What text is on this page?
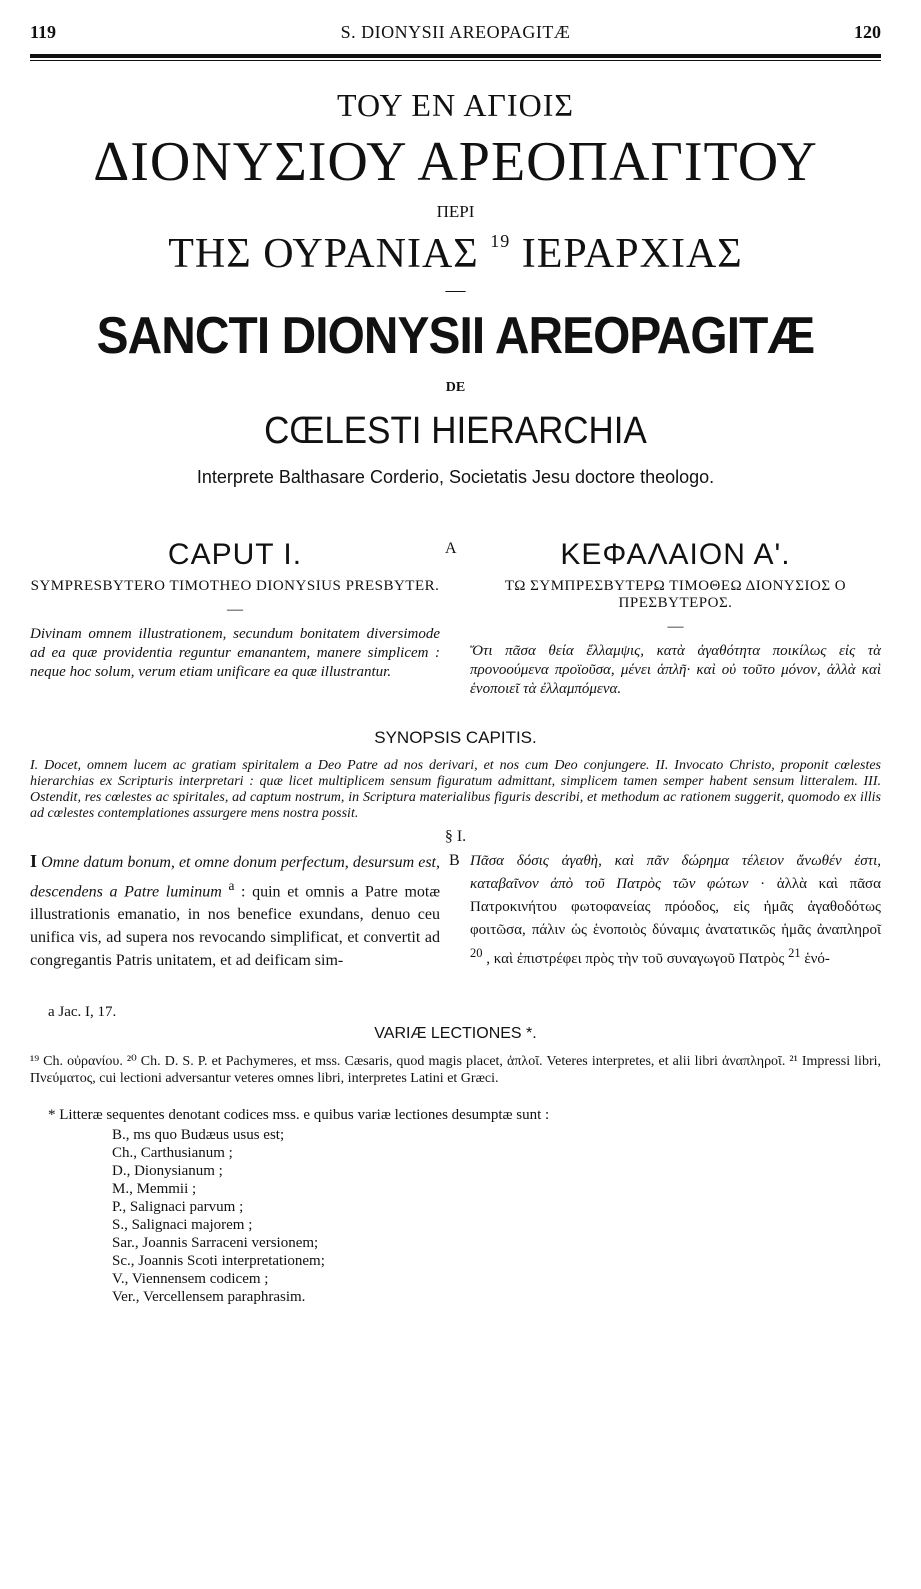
119	S. DIONYSII AREOPAGITÆ	120
ΤΟΥ ΕΝ ΑΓΙΟΙΣ
ΔΙΟΝΥΣΙΟΥ ΑΡΕΟΠΑΓΙΤΟΥ
ΠΕΡΙ
ΤΗΣ ΟΥΡΑΝΙΑΣ $^{19}$ ΙΕΡΑΡΧΙΑΣ
—
SANCTI DIONYSII AREOPAGITÆ
DE
CŒLESTI HIERARCHIA
Interprete Balthasare Corderio, Societatis Jesu doctore theologo.
CAPUT I.
SYMPRESBYTERO TIMOTHEO DIONYSIUS PRESBYTER.
—
Divinam omnem illustrationem, secundum bonitatem diversimode ad ea quæ providentia reguntur emanantem, manere simplicem : neque hoc solum, verum etiam unificare ea quæ illustrantur.
A	ΚΕΦΑΛΑΙΟΝ Α'.
ΤΩ ΣΥΜΠΡΕΣΒΥΤΕΡΩ ΤΙΜΟΘΕΩ ΔΙΟΝΥΣΙΟΣ Ο ΠΡΕΣΒΥΤΕΡΟΣ.
—
Ὅτι πᾶσα θεία ἔλλαμψις, κατὰ ἀγαθότητα ποικίλως εἰς τὰ προνοούμενα προϊοῦσα, μένει ἁπλῆ· καὶ οὐ τοῦτο μόνον, ἀλλὰ καὶ ἑνοποιεῖ τὰ ἐλλαμπόμενα.
SYNOPSIS CAPITIS.
I. Docet, omnem lucem ac gratiam spiritalem a Deo Patre ad nos derivari, et nos cum Deo conjungere. II. Invocato Christo, proponit cœlestes hierarchias ex Scripturis interpretari : quæ licet multiplicem sensum figuratum admittant, simplicem tamen semper habent sensum litteralem. III. Ostendit, res cœlestes ac spiritales, ad captum nostrum, in Scriptura materialibus figuris describi, et methodum ac rationem suggerit, quomodo ex illis ad cœlestes contemplationes assurgere mens nostra possit.
§ I.
I Omne datum bonum, et omne donum perfectum, desursum est, descendens a Patre luminum $^a$ : quin et omnis a Patre motæ illustrationis emanatio, in nos benefice exundans, denuo ceu unifica vis, ad supera nos revocando simplificat, et convertit ad congregantis Patris unitatem, et ad deificam sim-
B Πᾶσα δόσις ἀγαθὴ, καὶ πᾶν δώρημα τέλειον ἄνωθέν ἐστι, καταβαῖνον ἀπὸ τοῦ Πατρὸς τῶν φώτων · ἀλλὰ καὶ πᾶσα Πατροκινήτου φωτοφανείας πρόοδος, εἰς ἡμᾶς ἀγαθοδότως φοιτῶσα, πάλιν ὡς ἑνοποιὸς δύναμις ἀνατατικῶς ἡμᾶς ἀναπληροῖ $^{20}$ , καὶ ἐπιστρέφει πρὸς τὴν τοῦ συναγωγοῦ Πατρὸς $^{21}$ ἑνό-
a Jac. I, 17.
VARIÆ LECTIONES *.
¹⁹ Ch. οὐρανίου. ²⁰ Ch. D. S. P. et Pachymeres, et mss. Cæsaris, quod magis placet, ἁπλοῖ. Veteres interpretes, et alii libri ἀναπληροῖ. ²¹ Impressi libri, Πνεύματος, cui lectioni adversantur veteres omnes libri, interpretes Latini et Græci.
* Litteræ sequentes denotant codices mss. e quibus variæ lectiones desumptæ sunt :
B., ms quo Budæus usus est;
Ch., Carthusianum ;
D., Dionysianum ;
M., Memmii ;
P., Salignaci parvum ;
S., Salignaci majorem ;
Sar., Joannis Sarraceni versionem;
Sc., Joannis Scoti interpretationem;
V., Viennensem codicem ;
Ver., Vercellensem paraphrasim.
